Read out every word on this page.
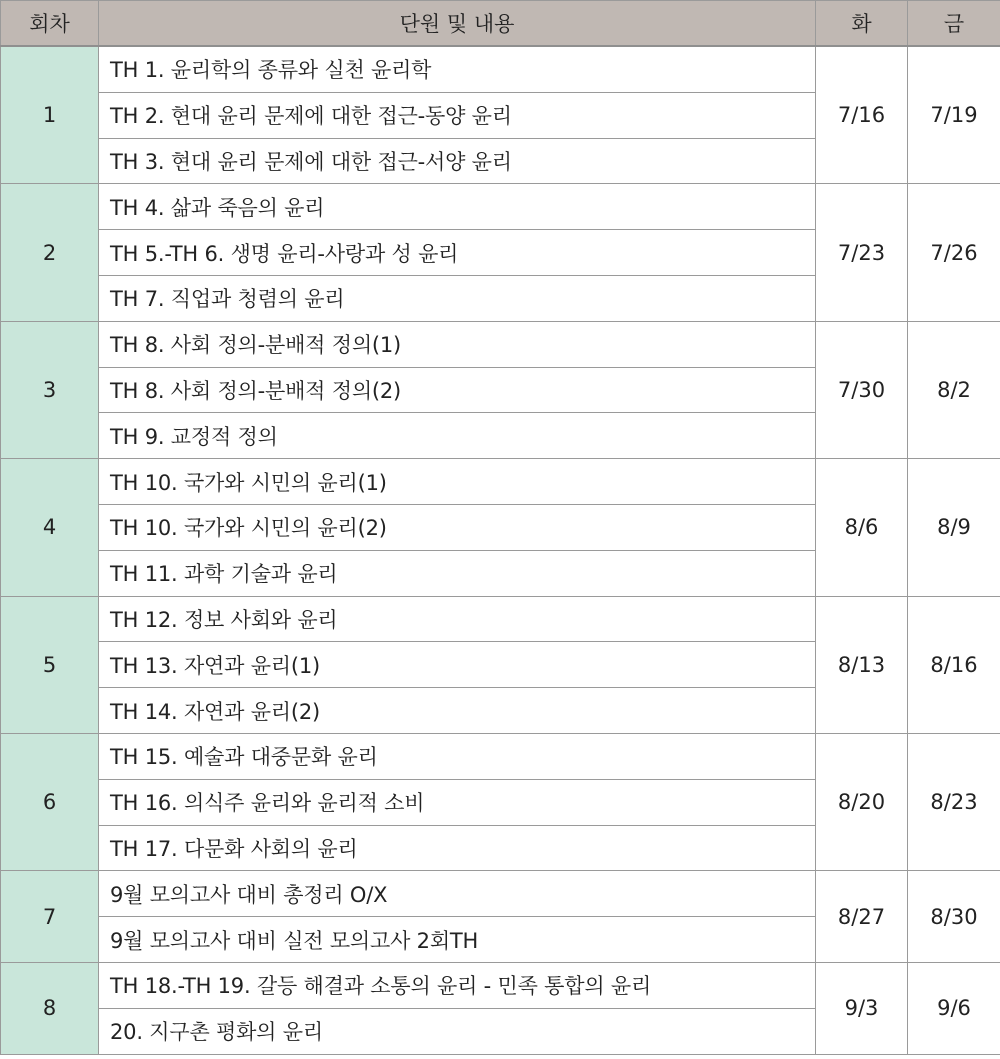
회차	단원 및 내용	화	금
1	TH 1. 윤리학의 종류와 실천 윤리학	7/16	7/19
	TH 2. 현대 윤리 문제에 대한 접근-동양 윤리		
	TH 3. 현대 윤리 문제에 대한 접근-서양 윤리		
2	TH 4. 삶과 죽음의 윤리	7/23	7/26
	TH 5.-TH 6. 생명 윤리-사랑과 성 윤리		
	TH 7. 직업과 청렴의 윤리		
3	TH 8. 사회 정의-분배적 정의(1)	7/30	8/2
	TH 8. 사회 정의-분배적 정의(2)		
	TH 9. 교정적 정의		
4	TH 10. 국가와 시민의 윤리(1)	8/6	8/9
	TH 10. 국가와 시민의 윤리(2)		
	TH 11. 과학 기술과 윤리		
5	TH 12. 정보 사회와 윤리	8/13	8/16
	TH 13. 자연과 윤리(1)		
	TH 14. 자연과 윤리(2)		
6	TH 15. 예술과 대중문화 윤리	8/20	8/23
	TH 16. 의식주 윤리와 윤리적 소비		
	TH 17. 다문화 사회의 윤리		
7	9월 모의고사 대비 총정리 O/X	8/27	8/30
	9월 모의고사 대비 실전 모의고사 2회TH		
8	TH 18.-TH 19. 갈등 해결과 소통의 윤리 - 민족 통합의 윤리	9/3	9/6
	20. 지구촌 평화의 윤리		
